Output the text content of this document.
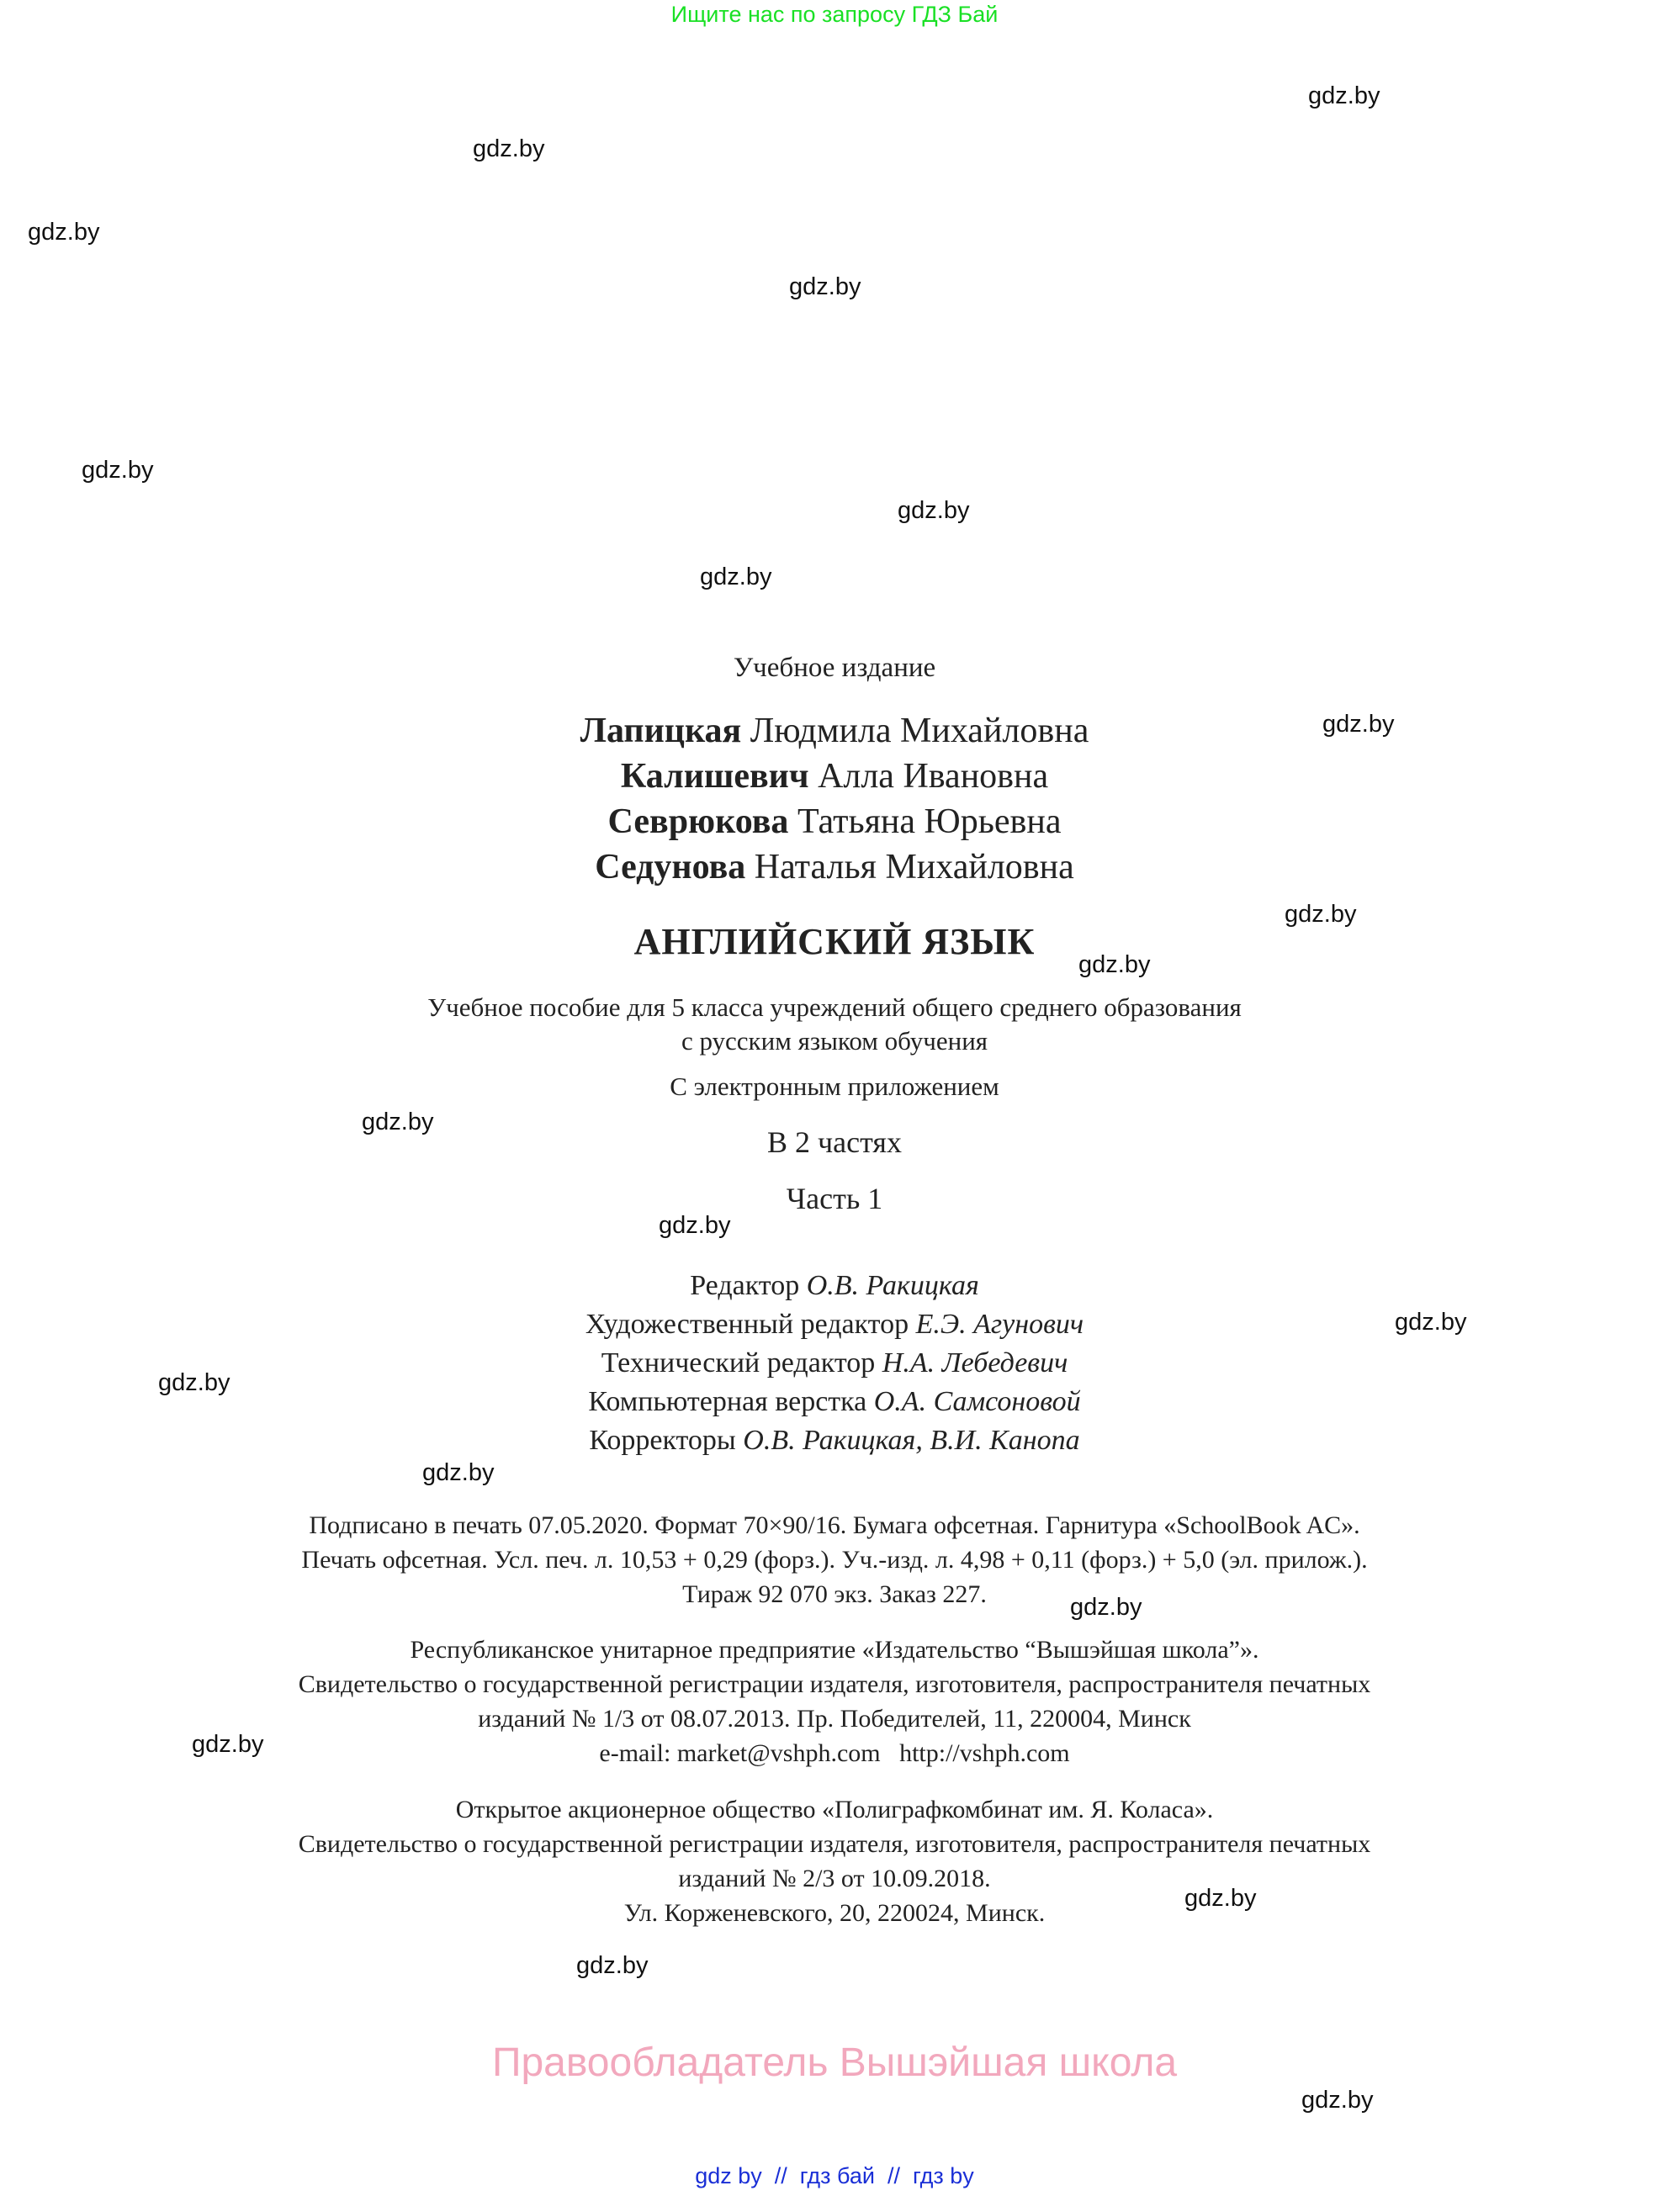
Ищите нас по запросу ГДЗ Бай
gdz.by
gdz.by
gdz.by
gdz.by
gdz.by
gdz.by
gdz.by
gdz.by
gdz.by
gdz.by
gdz.by
gdz.by
gdz.by
gdz.by
gdz.by
gdz.by
gdz.by
gdz.by
gdz.by
gdz.by
Учебное издание
Лапицкая Людмила Михайловна
Калишевич Алла Ивановна
Севрюкова Татьяна Юрьевна
Седунова Наталья Михайловна
АНГЛИЙСКИЙ ЯЗЫК
Учебное пособие для 5 класса учреждений общего среднего образования
с русским языком обучения
С электронным приложением
В 2 частях
Часть 1
Редактор О.В. Ракицкая
Художественный редактор Е.Э. Агунович
Технический редактор Н.А. Лебедевич
Компьютерная верстка О.А. Самсоновой
Корректоры О.В. Ракицкая, В.И. Канопа
Подписано в печать 07.05.2020. Формат 70×90/16. Бумага офсетная. Гарнитура «SchoolBook AC».
Печать офсетная. Усл. печ. л. 10,53 + 0,29 (форз.). Уч.-изд. л. 4,98 + 0,11 (форз.) + 5,0 (эл. прилож.).
Тираж 92 070 экз. Заказ 227.
Республиканское унитарное предприятие «Издательство “Вышэйшая школа”».
Свидетельство о государственной регистрации издателя, изготовителя, распространителя печатных
изданий № 1/3 от 08.07.2013. Пр. Победителей, 11, 220004, Минск
e-mail: market@vshph.com   http://vshph.com
Открытое акционерное общество «Полиграфкомбинат им. Я. Коласа».
Свидетельство о государственной регистрации издателя, изготовителя, распространителя печатных
изданий № 2/3 от 10.09.2018.
Ул. Корженевского, 20, 220024, Минск.
Правообладатель Вышэйшая школа
gdz by  //  гдз бай  //  гдз by
